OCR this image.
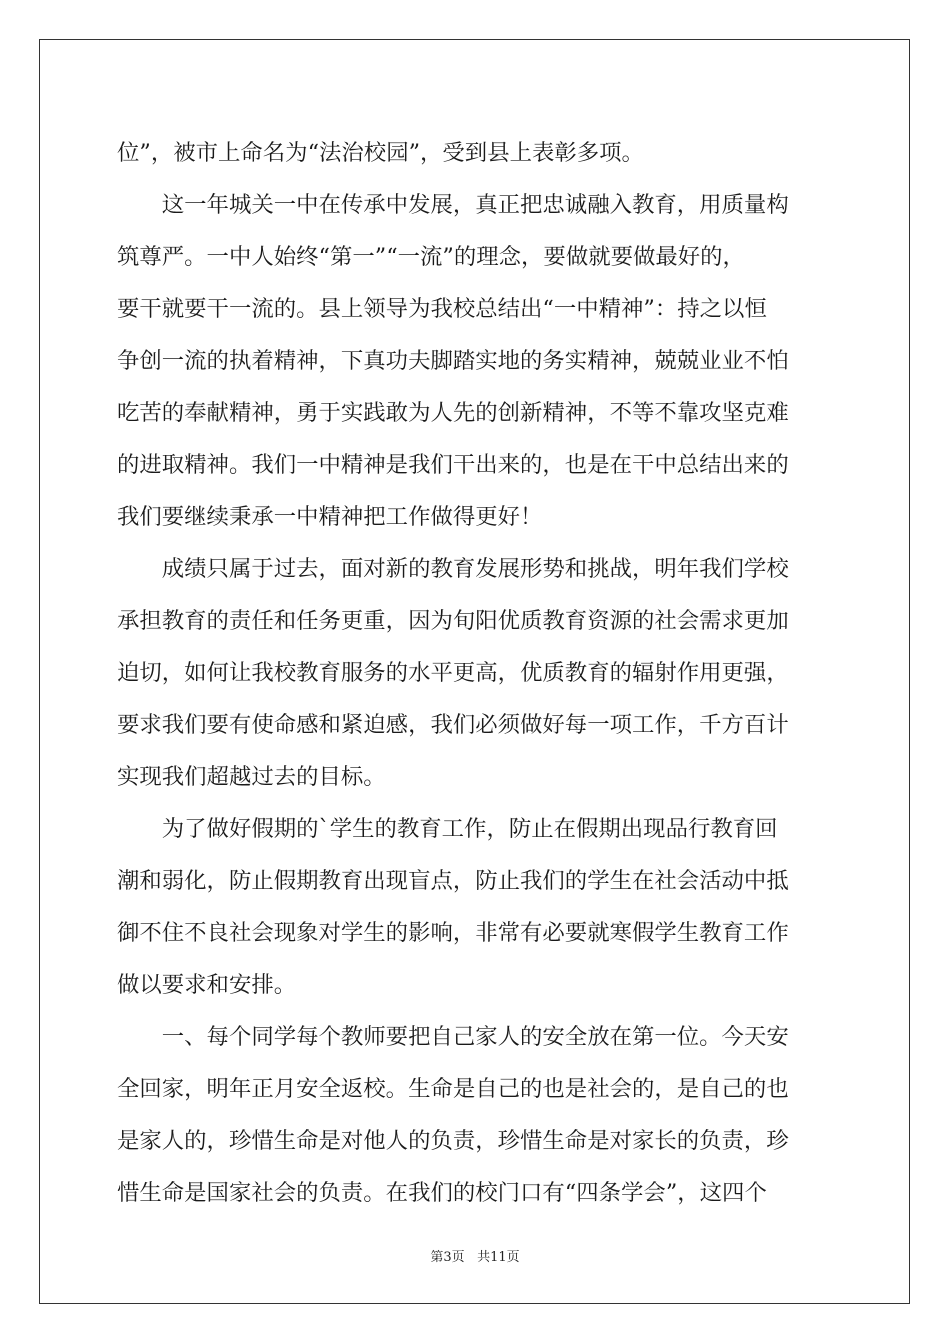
位”，被市上命名为“法治校园”，受到县上表彰多项。
　　这一年城关一中在传承中发展，真正把忠诚融入教育，用质量构
筑尊严。一中人始终“第一”“一流”的理念，要做就要做最好的，
要干就要干一流的。县上领导为我校总结出“一中精神”：持之以恒
争创一流的执着精神，下真功夫脚踏实地的务实精神，兢兢业业不怕
吃苦的奉献精神，勇于实践敢为人先的创新精神，不等不靠攻坚克难
的进取精神。我们一中精神是我们干出来的，也是在干中总结出来的
我们要继续秉承一中精神把工作做得更好！
　　成绩只属于过去，面对新的教育发展形势和挑战，明年我们学校
承担教育的责任和任务更重，因为旬阳优质教育资源的社会需求更加
迫切，如何让我校教育服务的水平更高，优质教育的辐射作用更强，
要求我们要有使命感和紧迫感，我们必须做好每一项工作，千方百计
实现我们超越过去的目标。
　　为了做好假期的`学生的教育工作，防止在假期出现品行教育回
潮和弱化，防止假期教育出现盲点，防止我们的学生在社会活动中抵
御不住不良社会现象对学生的影响，非常有必要就寒假学生教育工作
做以要求和安排。
　　一、每个同学每个教师要把自己家人的安全放在第一位。今天安
全回家，明年正月安全返校。生命是自己的也是社会的，是自己的也
是家人的，珍惜生命是对他人的负责，珍惜生命是对家长的负责，珍
惜生命是国家社会的负责。在我们的校门口有“四条学会”，这四个
第3页 共11页
